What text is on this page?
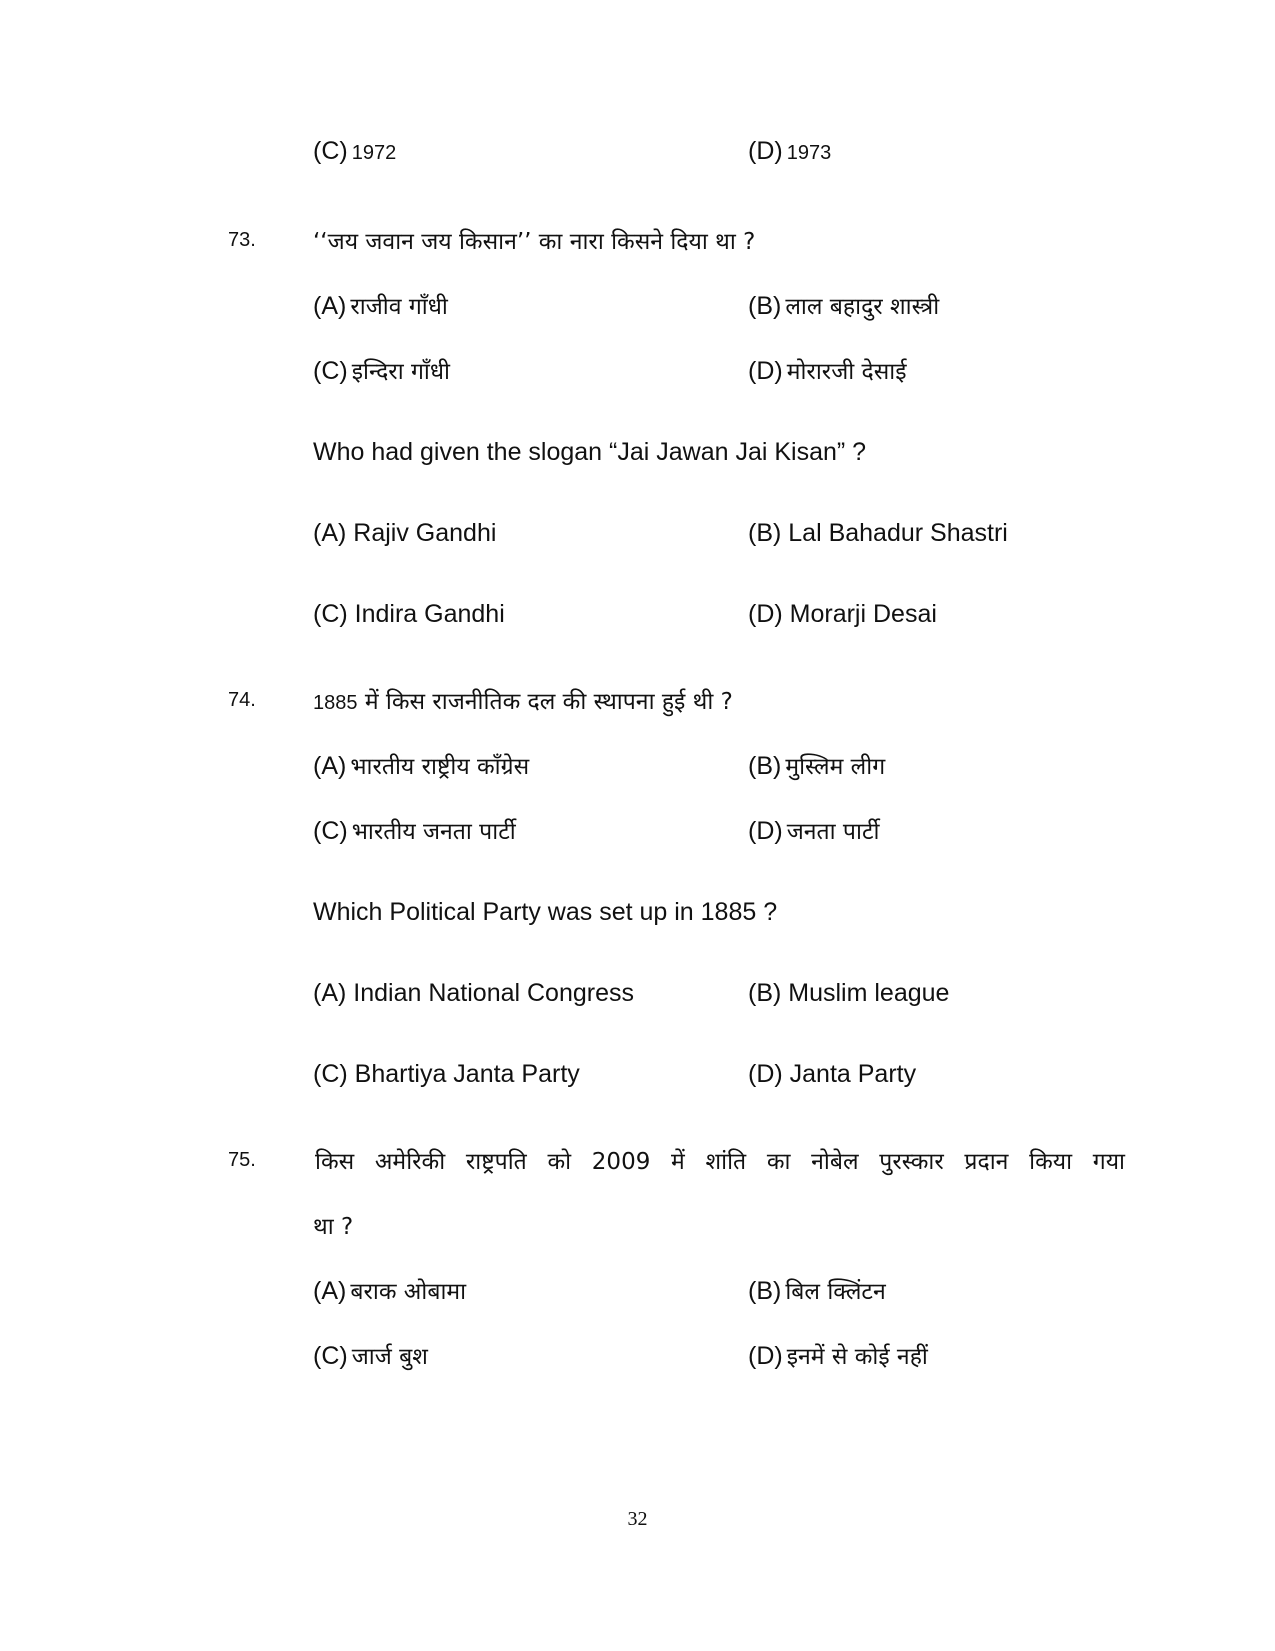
(C) 1972	(D) 1973
73. ‘‘जय जवान जय किसान’’ का नारा किसने दिया था ?
(A) राजीव गाँधी	(B) लाल बहादुर शास्त्री
(C) इन्दिरा गाँधी	(D) मोरारजी देसाई
Who had given the slogan “Jai Jawan Jai Kisan” ?
(A) Rajiv Gandhi	(B) Lal Bahadur Shastri
(C) Indira Gandhi	(D) Morarji Desai
74.	1885 में किस राजनीतिक दल की स्थापना हुई थी ?
(A) भारतीय राष्ट्रीय काँग्रेस	(B) मुस्लिम लीग
(C) भारतीय जनता पार्टी	(D) जनता पार्टी
Which Political Party was set up in 1885 ?
(A) Indian National Congress	(B) Muslim league
(C) Bhartiya Janta Party	(D) Janta Party
75.	किस अमेरिकी राष्ट्रपति को 2009 में शांति का नोबेल पुरस्कार प्रदान किया गया
था ?
(A) बराक ओबामा	(B) बिल क्लिंटन
(C) जार्ज बुश	(D) इनमें से कोई नहीं
32
